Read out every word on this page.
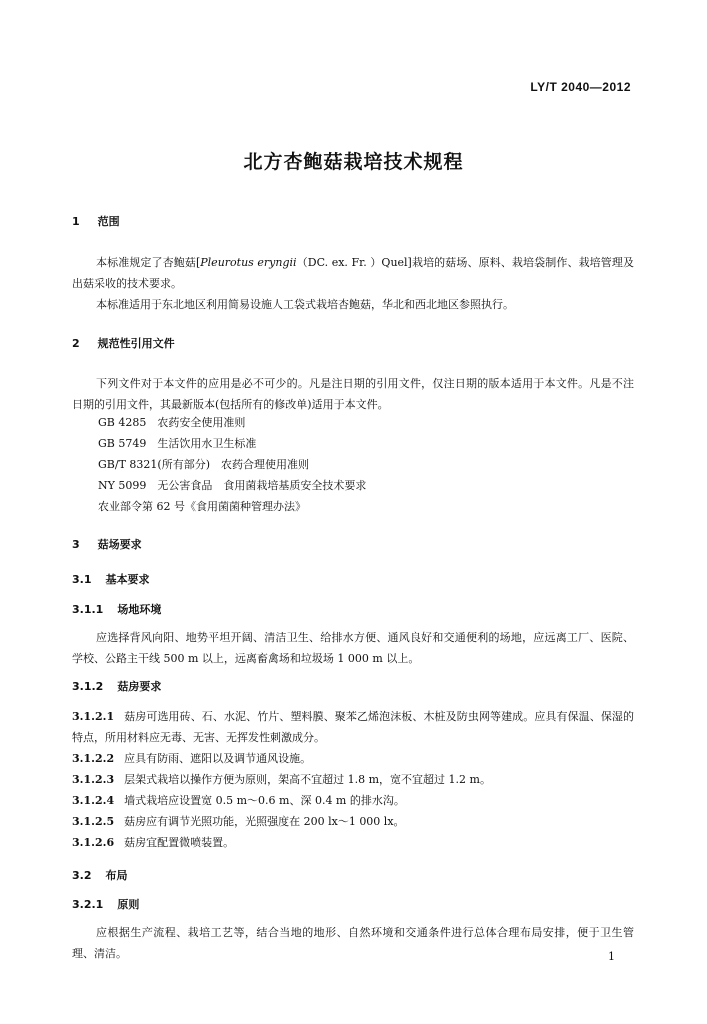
LY/T 2040—2012
北方杏鲍菇栽培技术规程
1 范围
本标准规定了杏鲍菇[Pleurotus eryngii（DC. ex. Fr. ）Quel]栽培的菇场、原料、栽培袋制作、栽培管理及出菇采收的技术要求。
本标准适用于东北地区利用简易设施人工袋式栽培杏鲍菇，华北和西北地区参照执行。
2 规范性引用文件
下列文件对于本文件的应用是必不可少的。凡是注日期的引用文件，仅注日期的版本适用于本文件。凡是不注日期的引用文件，其最新版本(包括所有的修改单)适用于本文件。
GB 4285　农药安全使用准则
GB 5749　生活饮用水卫生标准
GB/T 8321(所有部分)　农药合理使用准则
NY 5099　无公害食品　食用菌栽培基质安全技术要求
农业部令第 62 号《食用菌菌种管理办法》
3 菇场要求
3.1 基本要求
3.1.1 场地环境
应选择背风向阳、地势平坦开阔、清洁卫生、给排水方便、通风良好和交通便利的场地，应远离工厂、医院、学校、公路主干线 500 m 以上，远离畜禽场和垃圾场 1 000 m 以上。
3.1.2 菇房要求
3.1.2.1 菇房可选用砖、石、水泥、竹片、塑料膜、聚苯乙烯泡沫板、木桩及防虫网等建成。应具有保温、保湿的特点，所用材料应无毒、无害、无挥发性刺激成分。
3.1.2.2 应具有防雨、遮阳以及调节通风设施。
3.1.2.3 层架式栽培以操作方便为原则，架高不宜超过 1.8 m，宽不宜超过 1.2 m。
3.1.2.4 墙式栽培应设置宽 0.5 m～0.6 m、深 0.4 m 的排水沟。
3.1.2.5 菇房应有调节光照功能，光照强度在 200 lx～1 000 lx。
3.1.2.6 菇房宜配置微喷装置。
3.2 布局
3.2.1 原则
应根据生产流程、栽培工艺等，结合当地的地形、自然环境和交通条件进行总体合理布局安排，便于卫生管理、清洁。	1
